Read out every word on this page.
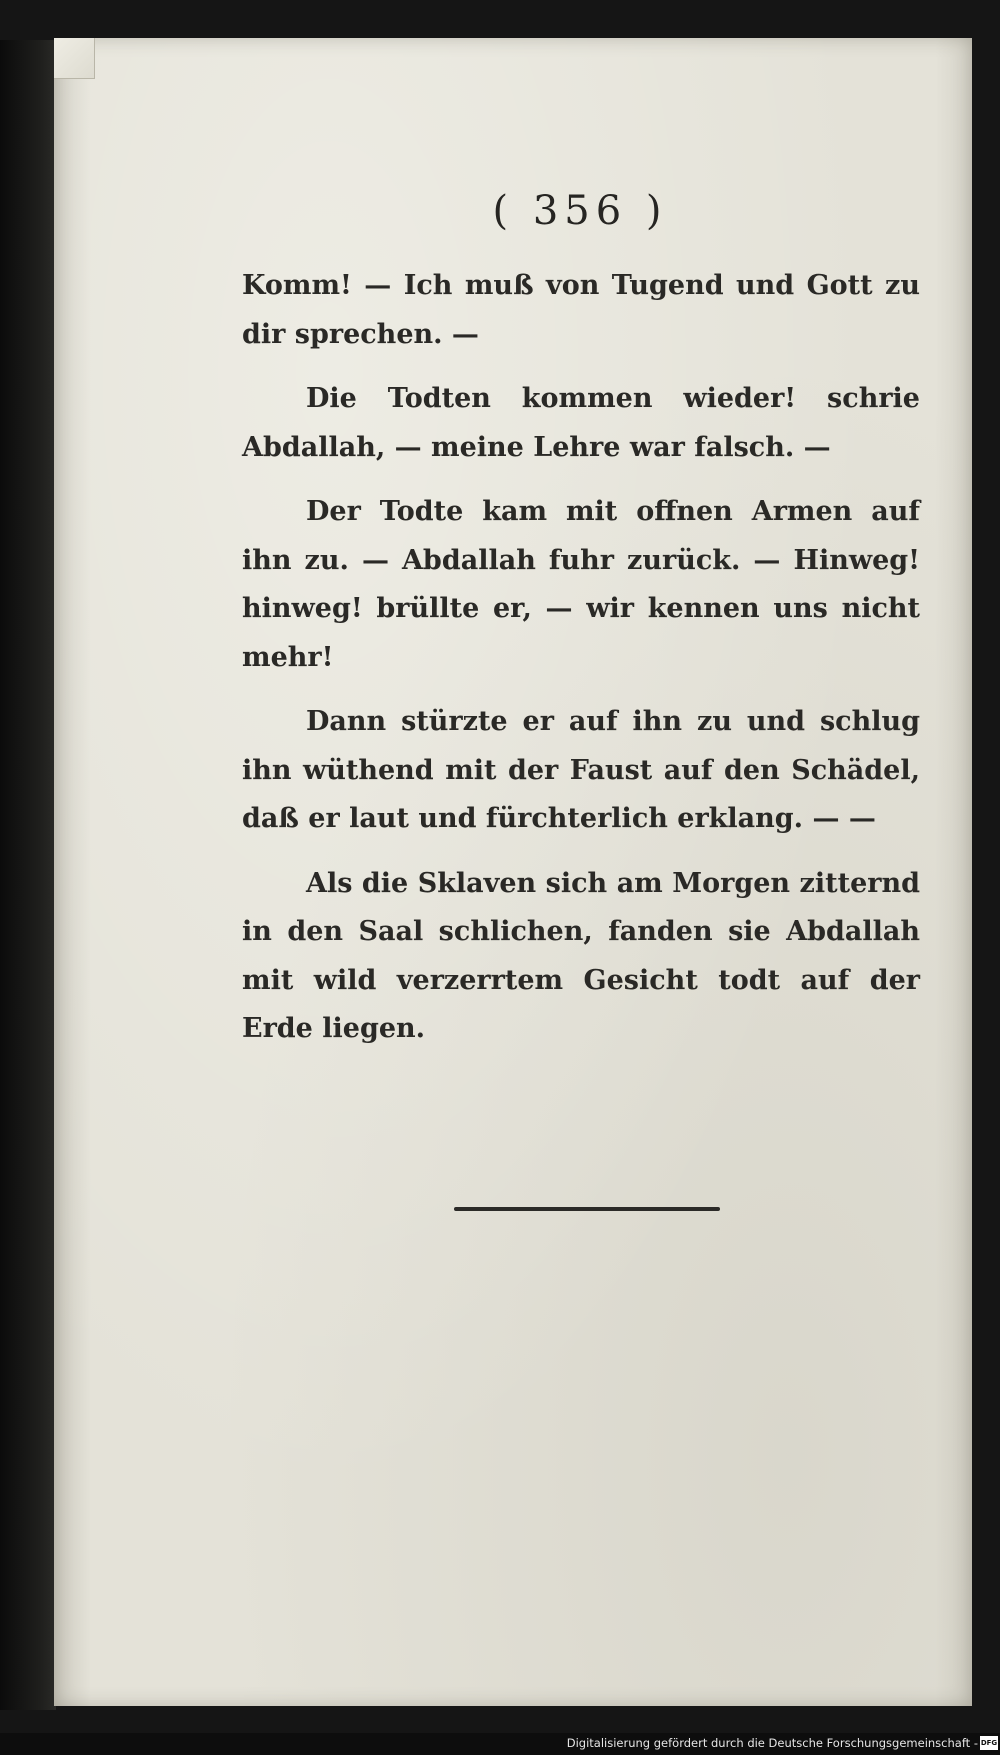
( 356 )

Komm! — Ich muß von Tugend und Gott zu dir sprechen. —

Die Todten kommen wieder! schrie Abdallah, — meine Lehre war falsch. —

Der Todte kam mit offnen Armen auf ihn zu. — Abdallah fuhr zurück. — Hinweg! hinweg! brüllte er, — wir kennen uns nicht mehr!

Dann stürzte er auf ihn zu und schlug ihn wüthend mit der Faust auf den Schädel, daß er laut und fürchterlich erklang. — —

Als die Sklaven sich am Morgen zitternd in den Saal schlichen, fanden sie Abdallah mit wild verzerrtem Gesicht todt auf der Erde liegen.

Digitalisierung gefördert durch die Deutsche Forschungsgemeinschaft - DFG
